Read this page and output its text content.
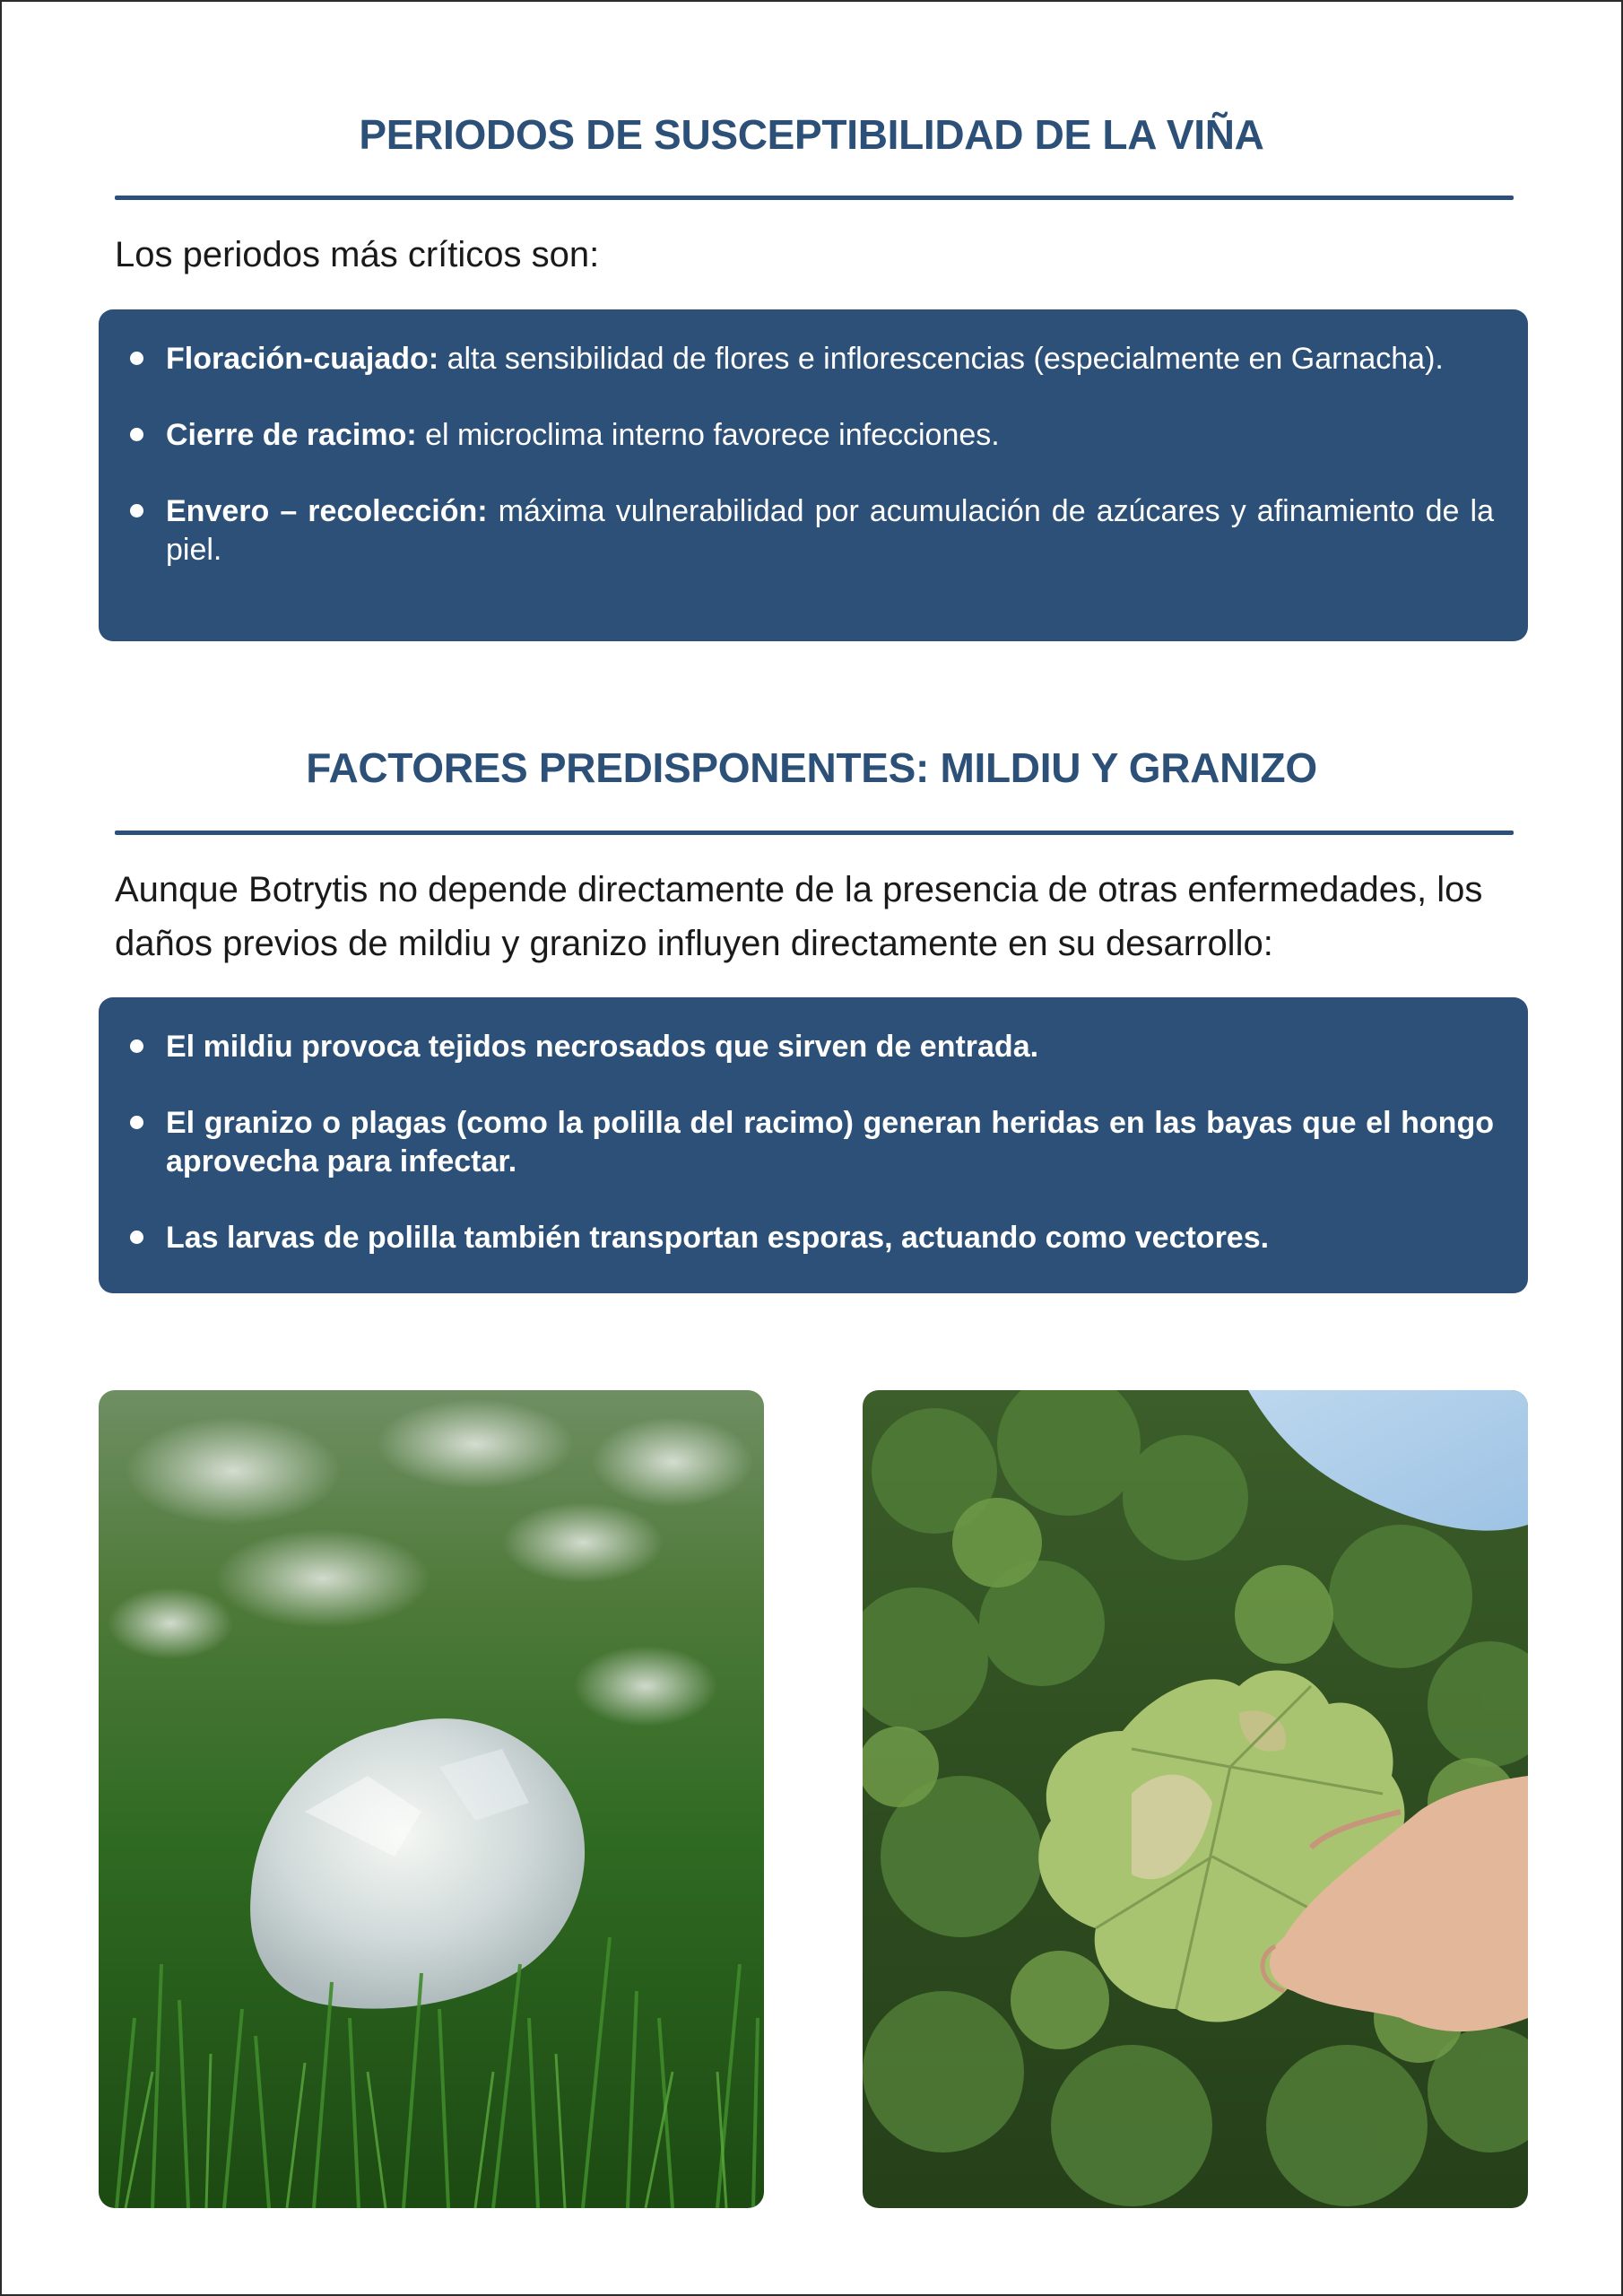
PERIODOS DE SUSCEPTIBILIDAD DE LA VIÑA

Los periodos más críticos son:

Floración-cuajado: alta sensibilidad de flores e inflorescencias (especialmente en Garnacha).
Cierre de racimo: el microclima interno favorece infecciones.
Envero – recolección: máxima vulnerabilidad por acumulación de azúcares y afinamiento de la piel.
FACTORES PREDISPONENTES: MILDIU Y GRANIZO

Aunque Botrytis no depende directamente de la presencia de otras enfermedades, los daños previos de mildiu y granizo influyen directamente en su desarrollo:

El mildiu provoca tejidos necrosados que sirven de entrada.
El granizo o plagas (como la polilla del racimo) generan heridas en las bayas que el hongo aprovecha para infectar.
Las larvas de polilla también transportan esporas, actuando como vectores.
